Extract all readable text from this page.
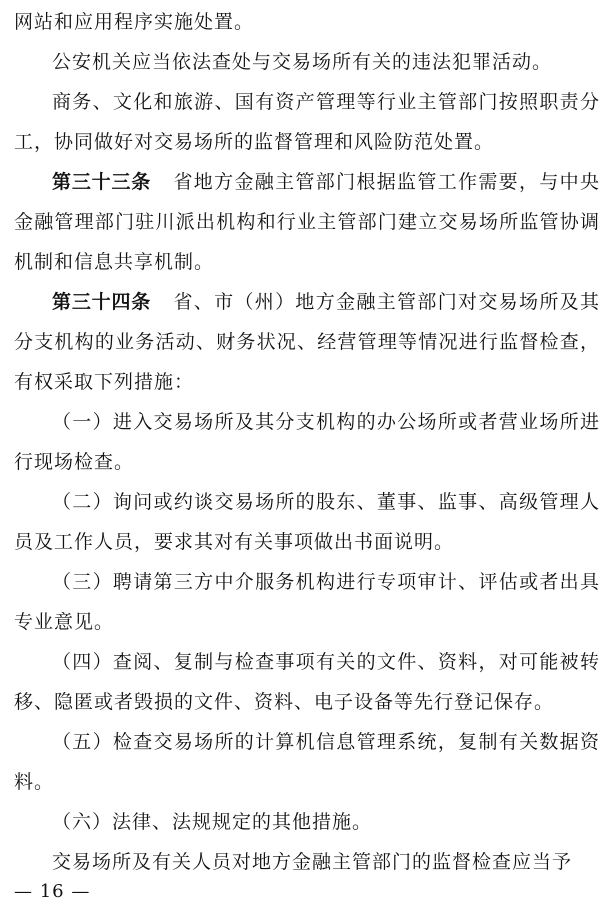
网站和应用程序实施处置。

公安机关应当依法查处与交易场所有关的违法犯罪活动。

商务、文化和旅游、国有资产管理等行业主管部门按照职责分工，协同做好对交易场所的监督管理和风险防范处置。

第三十三条 省地方金融主管部门根据监管工作需要，与中央金融管理部门驻川派出机构和行业主管部门建立交易场所监管协调机制和信息共享机制。

第三十四条 省、市（州）地方金融主管部门对交易场所及其分支机构的业务活动、财务状况、经营管理等情况进行监督检查，有权采取下列措施：

（一）进入交易场所及其分支机构的办公场所或者营业场所进行现场检查。

（二）询问或约谈交易场所的股东、董事、监事、高级管理人员及工作人员，要求其对有关事项做出书面说明。

（三）聘请第三方中介服务机构进行专项审计、评估或者出具专业意见。

（四）查阅、复制与检查事项有关的文件、资料，对可能被转移、隐匿或者毁损的文件、资料、电子设备等先行登记保存。

（五）检查交易场所的计算机信息管理系统，复制有关数据资料。

（六）法律、法规规定的其他措施。

交易场所及有关人员对地方金融主管部门的监督检查应当予

— 16 —
